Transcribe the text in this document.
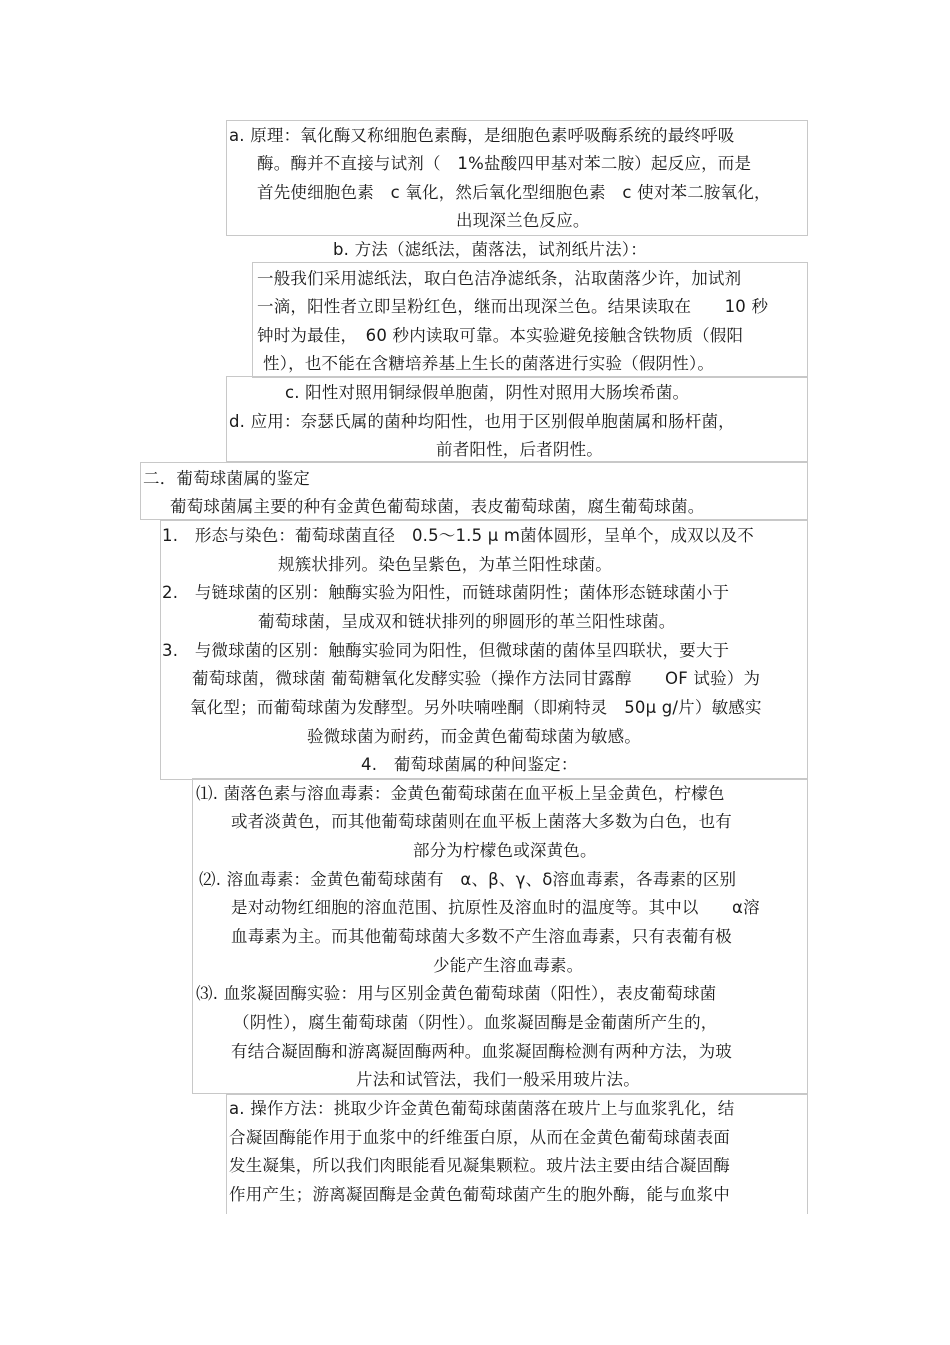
a. 原理：氧化酶又称细胞色素酶，是细胞色素呼吸酶系统的最终呼吸
酶。酶并不直接与试剂（　1%盐酸四甲基对苯二胺）起反应，而是
首先使细胞色素　c 氧化，然后氧化型细胞色素　c 使对苯二胺氧化，
出现深兰色反应。
b. 方法（滤纸法，菌落法，试剂纸片法）：
一般我们采用滤纸法，取白色洁净滤纸条，沾取菌落少许，加试剂
一滴，阳性者立即呈粉红色，继而出现深兰色。结果读取在　　10 秒
钟时为最佳，　60 秒内读取可靠。本实验避免接触含铁物质（假阳
性），也不能在含糖培养基上生长的菌落进行实验（假阴性）。
c. 阳性对照用铜绿假单胞菌，阴性对照用大肠埃希菌。
d. 应用：奈瑟氏属的菌种均阳性，也用于区别假单胞菌属和肠杆菌，
前者阳性，后者阴性。
二．葡萄球菌属的鉴定
葡萄球菌属主要的种有金黄色葡萄球菌，表皮葡萄球菌，腐生葡萄球菌。
1.　形态与染色：葡萄球菌直径　0.5～1.5 μ m菌体圆形，呈单个，成双以及不
规簇状排列。染色呈紫色，为革兰阳性球菌。
2.　与链球菌的区别：触酶实验为阳性，而链球菌阴性；菌体形态链球菌小于
葡萄球菌，呈成双和链状排列的卵圆形的革兰阳性球菌。
3.　与微球菌的区别：触酶实验同为阳性，但微球菌的菌体呈四联状，要大于
葡萄球菌，微球菌 葡萄糖氧化发酵实验（操作方法同甘露醇　　OF 试验）为
氧化型；而葡萄球菌为发酵型。另外呋喃唑酮（即痢特灵　50μ g/片）敏感实
验微球菌为耐药，而金黄色葡萄球菌为敏感。
4.　葡萄球菌属的种间鉴定：
⑴. 菌落色素与溶血毒素：金黄色葡萄球菌在血平板上呈金黄色，柠檬色
或者淡黄色，而其他葡萄球菌则在血平板上菌落大多数为白色，也有
部分为柠檬色或深黄色。
⑵. 溶血毒素：金黄色葡萄球菌有　α、β、γ、δ溶血毒素，各毒素的区别
是对动物红细胞的溶血范围、抗原性及溶血时的温度等。其中以　　α溶
血毒素为主。而其他葡萄球菌大多数不产生溶血毒素，只有表葡有极
少能产生溶血毒素。
⑶. 血浆凝固酶实验：用与区别金黄色葡萄球菌（阳性），表皮葡萄球菌
（阴性），腐生葡萄球菌（阴性）。血浆凝固酶是金葡菌所产生的，
有结合凝固酶和游离凝固酶两种。血浆凝固酶检测有两种方法，为玻
片法和试管法，我们一般采用玻片法。
a. 操作方法：挑取少许金黄色葡萄球菌菌落在玻片上与血浆乳化，结
合凝固酶能作用于血浆中的纤维蛋白原，从而在金黄色葡萄球菌表面
发生凝集，所以我们肉眼能看见凝集颗粒。玻片法主要由结合凝固酶
作用产生；游离凝固酶是金黄色葡萄球菌产生的胞外酶，能与血浆中
